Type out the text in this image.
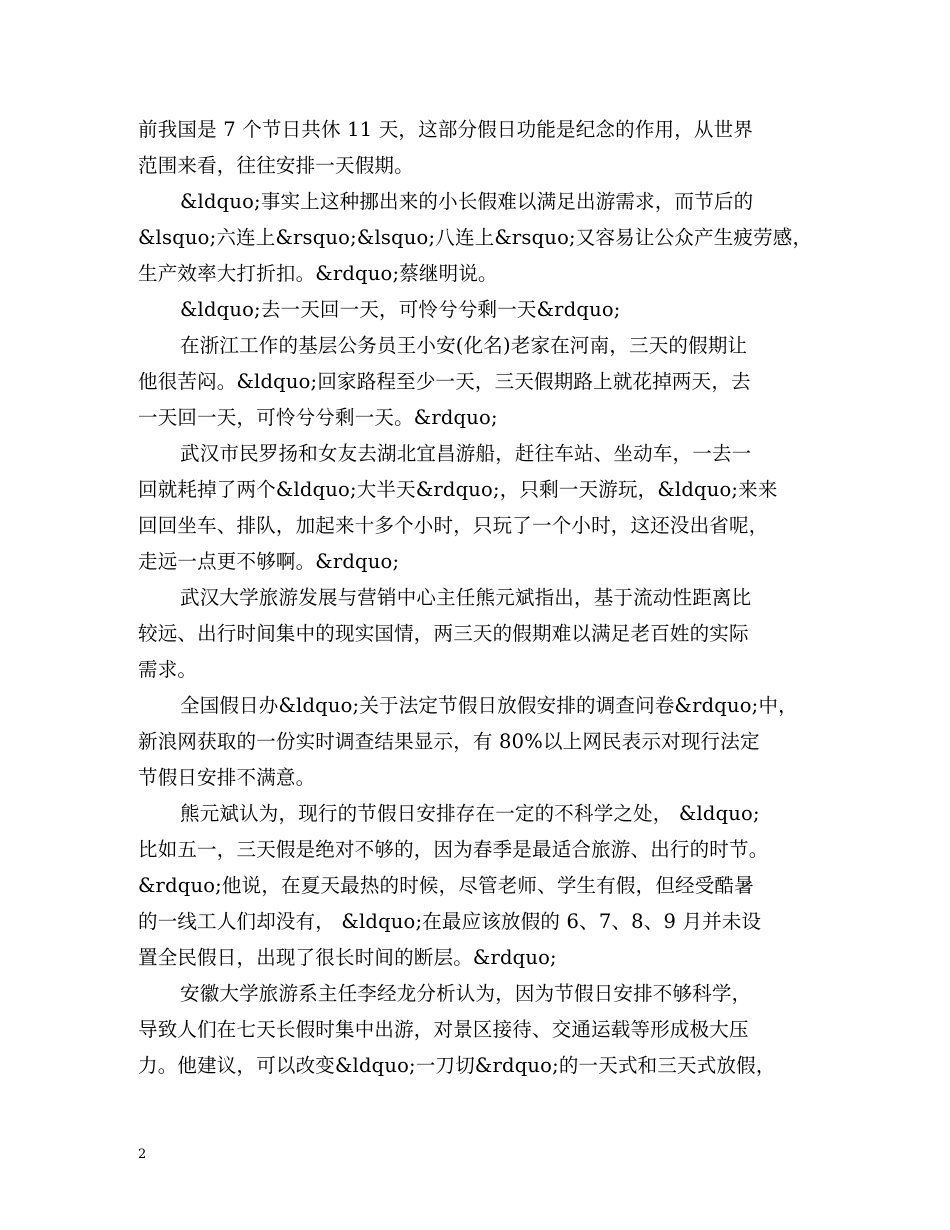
前我国是 7 个节日共休 11 天，这部分假日功能是纪念的作用，从世界
范围来看，往往安排一天假期。
&ldquo;事实上这种挪出来的小长假难以满足出游需求，而节后的
&lsquo;六连上&rsquo;&lsquo;八连上&rsquo;又容易让公众产生疲劳感，
生产效率大打折扣。&rdquo;蔡继明说。
&ldquo;去一天回一天，可怜兮兮剩一天&rdquo;
在浙江工作的基层公务员王小安(化名)老家在河南，三天的假期让
他很苦闷。&ldquo;回家路程至少一天，三天假期路上就花掉两天，去
一天回一天，可怜兮兮剩一天。&rdquo;
武汉市民罗扬和女友去湖北宜昌游船，赶往车站、坐动车，一去一
回就耗掉了两个&ldquo;大半天&rdquo;，只剩一天游玩，&ldquo;来来
回回坐车、排队，加起来十多个小时，只玩了一个小时，这还没出省呢，
走远一点更不够啊。&rdquo;
武汉大学旅游发展与营销中心主任熊元斌指出，基于流动性距离比
较远、出行时间集中的现实国情，两三天的假期难以满足老百姓的实际
需求。
全国假日办&ldquo;关于法定节假日放假安排的调查问卷&rdquo;中，
新浪网获取的一份实时调查结果显示，有 80%以上网民表示对现行法定
节假日安排不满意。
熊元斌认为，现行的节假日安排存在一定的不科学之处， &ldquo;
比如五一，三天假是绝对不够的，因为春季是最适合旅游、出行的时节。
&rdquo;他说，在夏天最热的时候，尽管老师、学生有假，但经受酷暑
的一线工人们却没有， &ldquo;在最应该放假的 6、7、8、9 月并未设
置全民假日，出现了很长时间的断层。&rdquo;
安徽大学旅游系主任李经龙分析认为，因为节假日安排不够科学，
导致人们在七天长假时集中出游，对景区接待、交通运载等形成极大压
力。他建议，可以改变&ldquo;一刀切&rdquo;的一天式和三天式放假，
2
